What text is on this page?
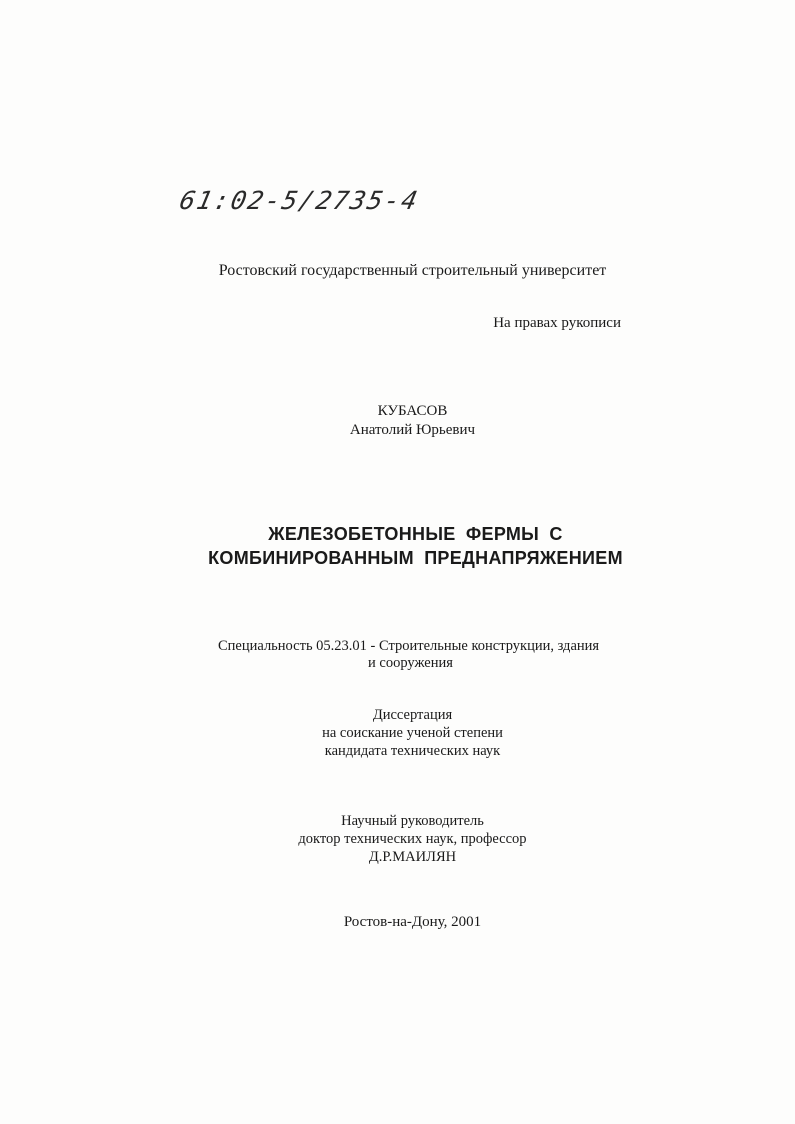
61:02-5/2735-4
Ростовский государственный строительный университет
На правах рукописи
КУБАСОВ
Анатолий Юрьевич
ЖЕЛЕЗОБЕТОННЫЕ ФЕРМЫ С
КОМБИНИРОВАННЫМ ПРЕДНАПРЯЖЕНИЕМ
Специальность 05.23.01 - Строительные конструкции, здания
и сооружения
Диссертация
на соискание ученой степени
кандидата технических наук
Научный руководитель
доктор технических наук, профессор
Д.Р.МАИЛЯН
Ростов-на-Дону, 2001
